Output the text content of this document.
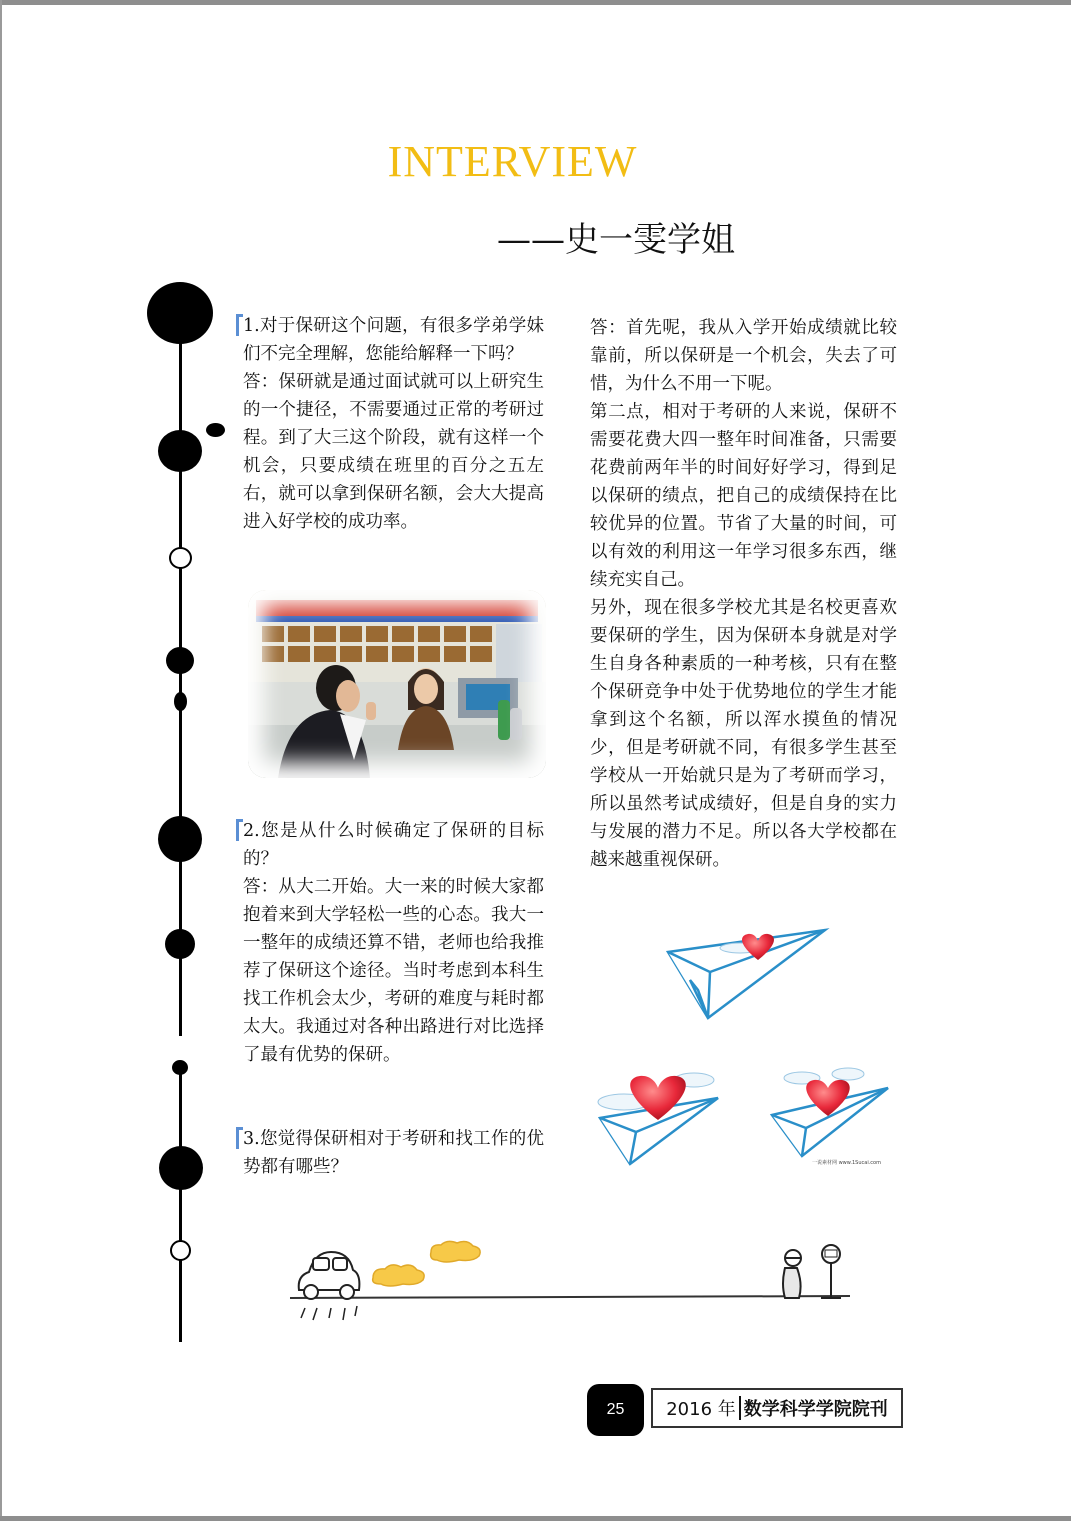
INTERVIEW
——史一雯学姐

1.对于保研这个问题，有很多学弟学妹们不完全理解，您能给解释一下吗？

答：保研就是通过面试就可以上研究生的一个捷径，不需要通过正常的考研过程。到了大三这个阶段，就有这样一个机会，只要成绩在班里的百分之五左右，就可以拿到保研名额，会大大提高进入好学校的成功率。

2.您是从什么时候确定了保研的目标的？

答：从大二开始。大一来的时候大家都抱着来到大学轻松一些的心态。我大一一整年的成绩还算不错，老师也给我推荐了保研这个途径。当时考虑到本科生找工作机会太少，考研的难度与耗时都太大。我通过对各种出路进行对比选择了最有优势的保研。

3.您觉得保研相对于考研和找工作的优势都有哪些？

答：首先呢，我从入学开始成绩就比较靠前，所以保研是一个机会，失去了可惜，为什么不用一下呢。

第二点，相对于考研的人来说，保研不需要花费大四一整年时间准备，只需要花费前两年半的时间好好学习，得到足以保研的绩点，把自己的成绩保持在比较优异的位置。节省了大量的时间，可以有效的利用这一年学习很多东西，继续充实自己。

另外，现在很多学校尤其是名校更喜欢要保研的学生，因为保研本身就是对学生自身各种素质的一种考核，只有在整个保研竞争中处于优势地位的学生才能拿到这个名额，所以浑水摸鱼的情况少，但是考研就不同，有很多学生甚至学校从一开始就只是为了考研而学习，所以虽然考试成绩好，但是自身的实力与发展的潜力不足。所以各大学校都在越来越重视保研。

一说素材网 www.1Sucai.com
25	2016 年 数学科学学院院刊
